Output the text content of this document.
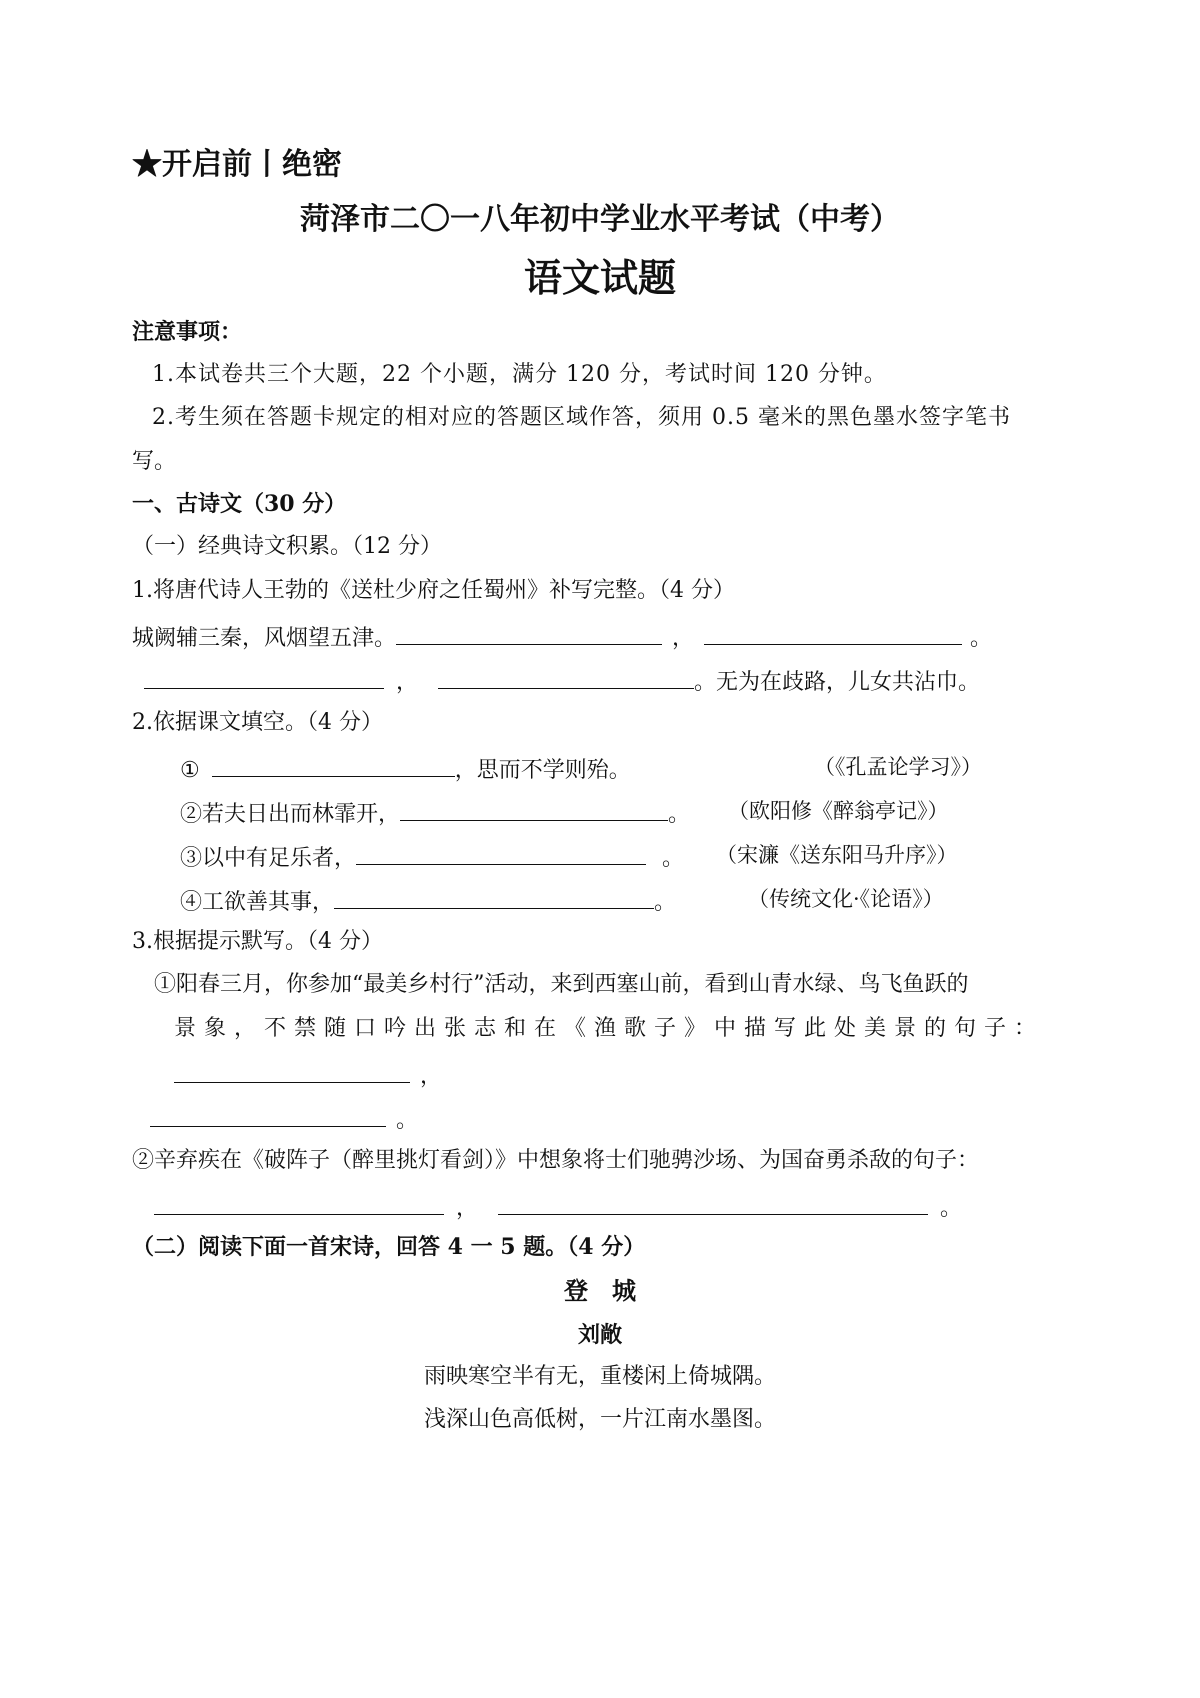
★开启前丨绝密
菏泽市二〇一八年初中学业水平考试（中考）
语文试题
注意事项：
1.本试卷共三个大题，22 个小题，满分 120 分，考试时间 120 分钟。
2.考生须在答题卡规定的相对应的答题区域作答，须用 0.5 毫米的黑色墨水签字笔书
写。
一、古诗文（30 分）
（一）经典诗文积累。（12 分）
1.将唐代诗人王勃的《送杜少府之任蜀州》补写完整。（4 分）
城阙辅三秦，风烟望五津。	，	。
，	。无为在歧路，儿女共沾巾。
2.依据课文填空。（4 分）
①	，思而不学则殆。	（《孔孟论学习》）
②若夫日出而林霏开，	。 （欧阳修《醉翁亭记》）
③以中有足乐者，	。 （宋濂《送东阳马升序》）
④工欲善其事，	。	（传统文化·《论语》）
3.根据提示默写。（4 分）
①阳春三月，你参加“最美乡村行”活动，来到西塞山前，看到山青水绿、鸟飞鱼跃的
景象，不禁随口吟出张志和在《渔歌子》中描写此处美景的句子：
，
。
②辛弃疾在《破阵子（醉里挑灯看剑）》中想象将士们驰骋沙场、为国奋勇杀敌的句子：
，	。
（二）阅读下面一首宋诗，回答 4 一 5 题。（4 分）
登　城
刘敞
雨映寒空半有无，重楼闲上倚城隅。
浅深山色高低树，一片江南水墨图。
